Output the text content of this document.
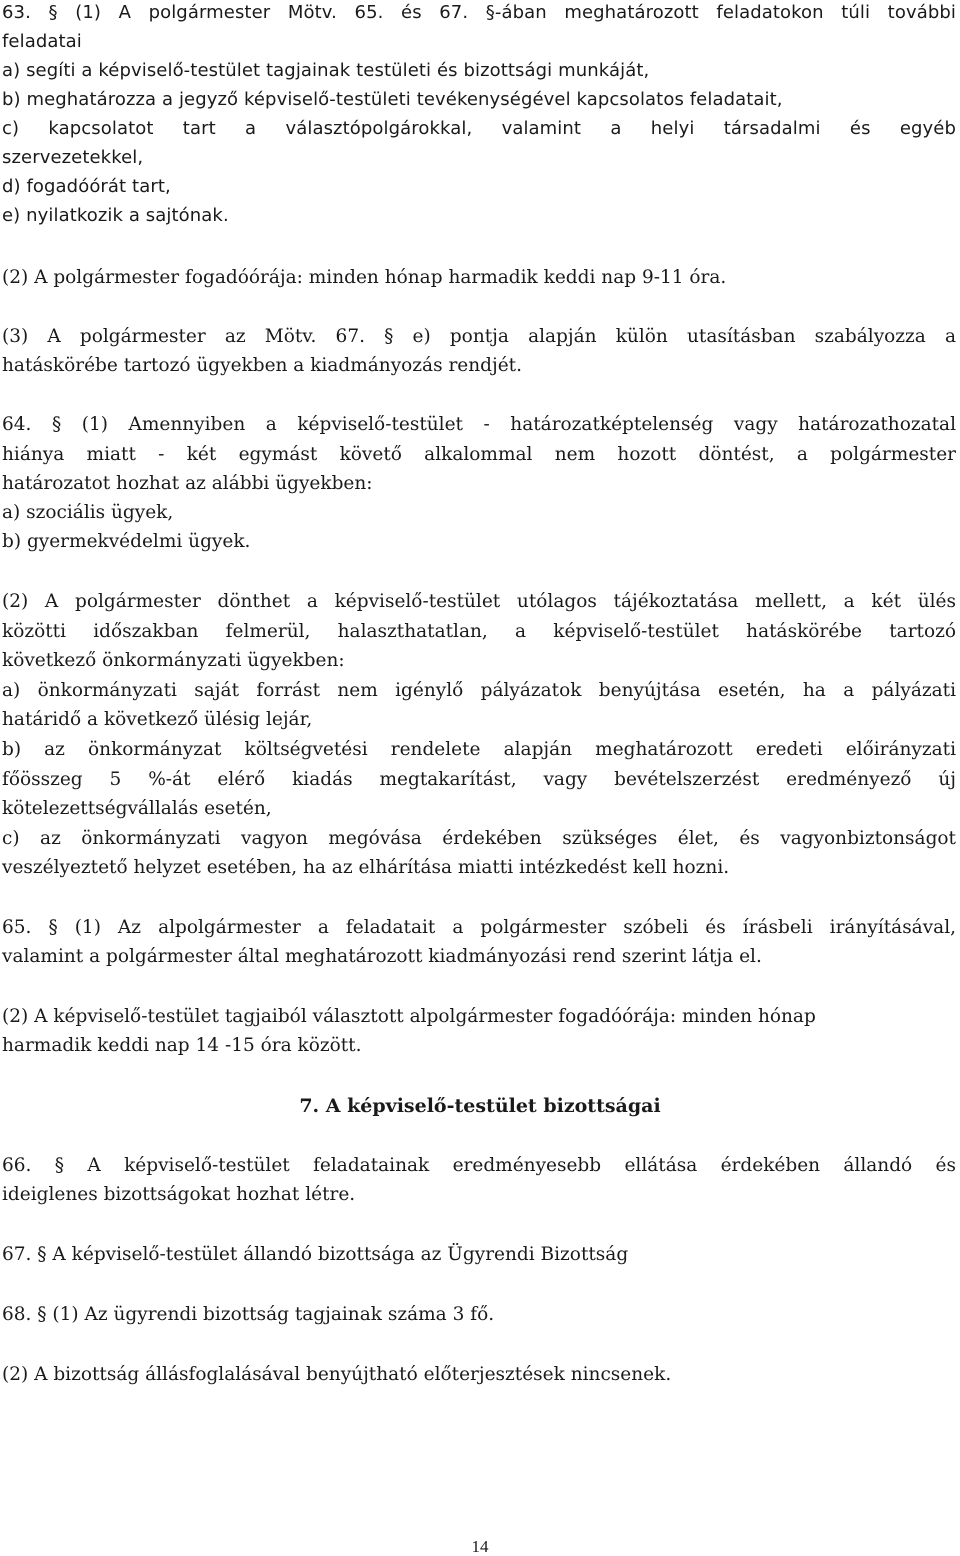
63. § (1) A polgármester Mötv. 65. és 67. §-ában meghatározott feladatokon túli további
feladatai
a) segíti a képviselő-testület tagjainak testületi és bizottsági munkáját,
b) meghatározza a jegyző képviselő-testületi tevékenységével kapcsolatos feladatait,
c) kapcsolatot tart a választópolgárokkal, valamint a helyi társadalmi és egyéb
szervezetekkel,
d) fogadóórát tart,
e) nyilatkozik a sajtónak.
(2) A polgármester fogadóórája: minden hónap harmadik keddi nap 9-11 óra.
(3) A polgármester az Mötv. 67. § e) pontja alapján külön utasításban szabályozza a
hatáskörébe tartozó ügyekben a kiadmányozás rendjét.
64. § (1) Amennyiben a képviselő-testület - határozatképtelenség vagy határozathozatal
hiánya miatt - két egymást követő alkalommal nem hozott döntést, a polgármester
határozatot hozhat az alábbi ügyekben:
a) szociális ügyek,
b) gyermekvédelmi ügyek.
(2) A polgármester dönthet a képviselő-testület utólagos tájékoztatása mellett, a két ülés
közötti időszakban felmerül, halaszthatatlan, a képviselő-testület hatáskörébe tartozó
következő önkormányzati ügyekben:
a) önkormányzati saját forrást nem igénylő pályázatok benyújtása esetén, ha a pályázati
határidő a következő ülésig lejár,
b) az önkormányzat költségvetési rendelete alapján meghatározott eredeti előirányzati
főösszeg 5 %-át elérő kiadás megtakarítást, vagy bevételszerzést eredményező új
kötelezettségvállalás esetén,
c) az önkormányzati vagyon megóvása érdekében szükséges élet, és vagyonbiztonságot
veszélyeztető helyzet esetében, ha az elhárítása miatti intézkedést kell hozni.
65. § (1) Az alpolgármester a feladatait a polgármester szóbeli és írásbeli irányításával,
valamint a polgármester által meghatározott kiadmányozási rend szerint látja el.
(2) A képviselő-testület tagjaiból választott alpolgármester fogadóórája: minden hónap
harmadik keddi nap 14 -15 óra között.
7. A képviselő-testület bizottságai
66. § A képviselő-testület feladatainak eredményesebb ellátása érdekében állandó és
ideiglenes bizottságokat hozhat létre.
67. § A képviselő-testület állandó bizottsága az Ügyrendi Bizottság
68. § (1) Az ügyrendi bizottság tagjainak száma 3 fő.
(2) A bizottság állásfoglalásával benyújtható előterjesztések nincsenek.
14
